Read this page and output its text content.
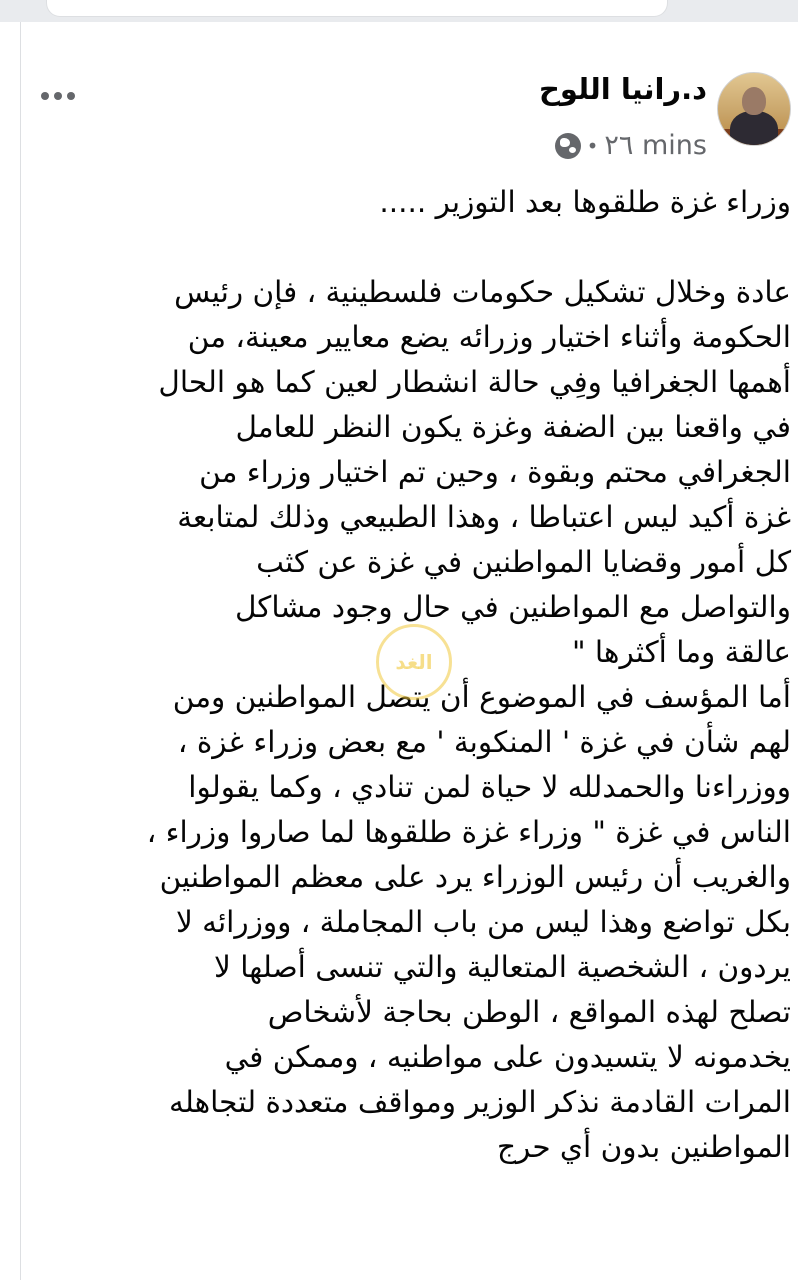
د.رانيا اللوح
• ٢٦ mins
وزراء غزة طلقوها بعد التوزير .....
عادة وخلال تشكيل حكومات فلسطينية ، فإن رئيس
الحكومة وأثناء اختيار وزرائه يضع معايير معينة، من
أهمها الجغرافيا وفِي حالة انشطار لعين كما هو الحال
في واقعنا بين الضفة وغزة يكون النظر للعامل
الجغرافي محتم وبقوة ، وحين تم اختيار وزراء من
غزة أكيد ليس اعتباطا ، وهذا الطبيعي وذلك لمتابعة
كل أمور وقضايا المواطنين في غزة عن كثب
والتواصل مع المواطنين في حال وجود مشاكل
عالقة وما أكثرها "
أما المؤسف في الموضوع أن يتصل المواطنين ومن
لهم شأن في غزة ' المنكوبة ' مع بعض وزراء غزة ،
ووزراءنا والحمدلله لا حياة لمن تنادي ، وكما يقولوا
الناس في غزة " وزراء غزة طلقوها لما صاروا وزراء ،
والغريب أن رئيس الوزراء يرد على معظم المواطنين
بكل تواضع وهذا ليس من باب المجاملة ، ووزرائه لا
يردون ، الشخصية المتعالية والتي تنسى أصلها لا
تصلح لهذه المواقع ، الوطن بحاجة لأشخاص
يخدمونه لا يتسيدون على مواطنيه ، وممكن في
المرات القادمة نذكر الوزير ومواقف متعددة لتجاهله
المواطنين بدون أي حرج
الغد
